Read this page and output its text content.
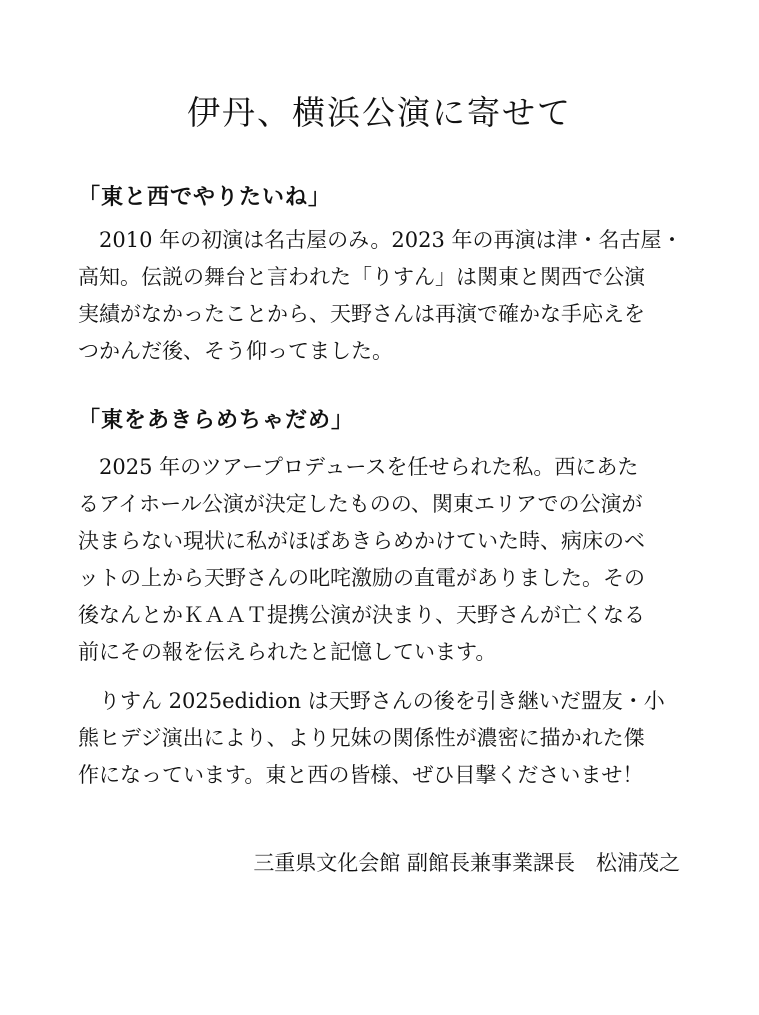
伊丹、横浜公演に寄せて
「東と西でやりたいね」
2010 年の初演は名古屋のみ。2023 年の再演は津・名古屋・
高知。伝説の舞台と言われた「りすん」は関東と関西で公演
実績がなかったことから、天野さんは再演で確かな手応えを
つかんだ後、そう仰ってました。
「東をあきらめちゃだめ」
2025 年のツアープロデュースを任せられた私。西にあた
るアイホール公演が決定したものの、関東エリアでの公演が
決まらない現状に私がほぼあきらめかけていた時、病床のベ
ットの上から天野さんの叱咤激励の直電がありました。その
後なんとかＫＡＡＴ提携公演が決まり、天野さんが亡くなる
前にその報を伝えられたと記憶しています。
りすん 2025edidion は天野さんの後を引き継いだ盟友・小
熊ヒデジ演出により、より兄妹の関係性が濃密に描かれた傑
作になっています。東と西の皆様、ぜひ目撃くださいませ！
三重県文化会館 副館長兼事業課長　松浦茂之
